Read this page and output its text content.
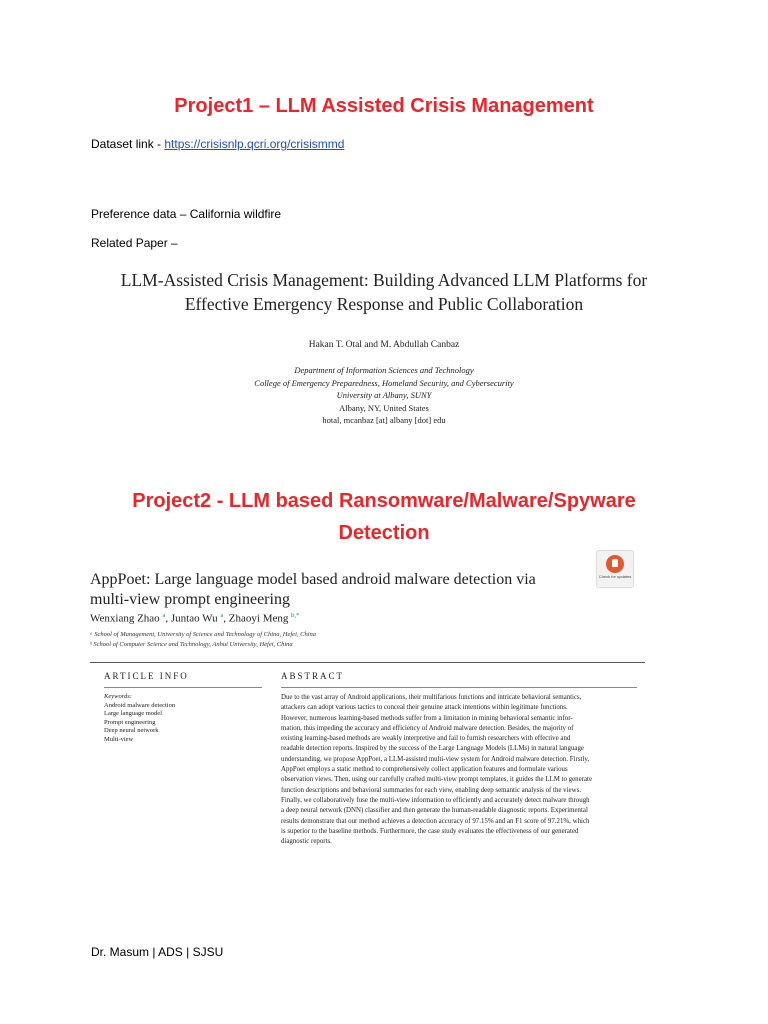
Project1 – LLM Assisted Crisis Management
Dataset link - https://crisisnlp.qcri.org/crisismmd
Preference data – California wildfire
Related Paper –
LLM-Assisted Crisis Management: Building Advanced LLM Platforms for
Effective Emergency Response and Public Collaboration
Hakan T. Otal and M. Abdullah Canbaz
Department of Information Sciences and Technology
College of Emergency Preparedness, Homeland Security, and Cybersecurity
University at Albany, SUNY
Albany, NY, United States
hotal, mcanbaz [at] albany [dot] edu
Project2 - LLM based Ransomware/Malware/Spyware
Detection
AppPoet: Large language model based android malware detection via
multi-view prompt engineering
Check for updates
Wenxiang Zhao $^a$, Juntao Wu $^a$, Zhaoyi Meng $^{b,*}$
ᵃ School of Management, University of Science and Technology of China, Hefei, China
ᵇ School of Computer Science and Technology, Anhui University, Hefei, China
ARTICLE INFO	ABSTRACT
Keywords:
Android malware detection
Large language model
Prompt engineering
Deep neural network
Multi-view
Due to the vast array of Android applications, their multifarious functions and intricate behavioral semantics,
attackers can adopt various tactics to conceal their genuine attack intentions within legitimate functions.
However, numerous learning-based methods suffer from a limitation in mining behavioral semantic infor-
mation, thus impeding the accuracy and efficiency of Android malware detection. Besides, the majority of
existing learning-based methods are weakly interpretive and fail to furnish researchers with effective and
readable detection reports. Inspired by the success of the Large Language Models (LLMs) in natural language
understanding, we propose AppPoet, a LLM-assisted multi-view system for Android malware detection. Firstly,
AppPoet employs a static method to comprehensively collect application features and formulate various
observation views. Then, using our carefully crafted multi-view prompt templates, it guides the LLM to generate
function descriptions and behavioral summaries for each view, enabling deep semantic analysis of the views.
Finally, we collaboratively fuse the multi-view information to efficiently and accurately detect malware through
a deep neural network (DNN) classifier and then generate the human-readable diagnostic reports. Experimental
results demonstrate that our method achieves a detection accuracy of 97.15% and an F1 score of 97.21%, which
is superior to the baseline methods. Furthermore, the case study evaluates the effectiveness of our generated
diagnostic reports.
Dr. Masum | ADS | SJSU
